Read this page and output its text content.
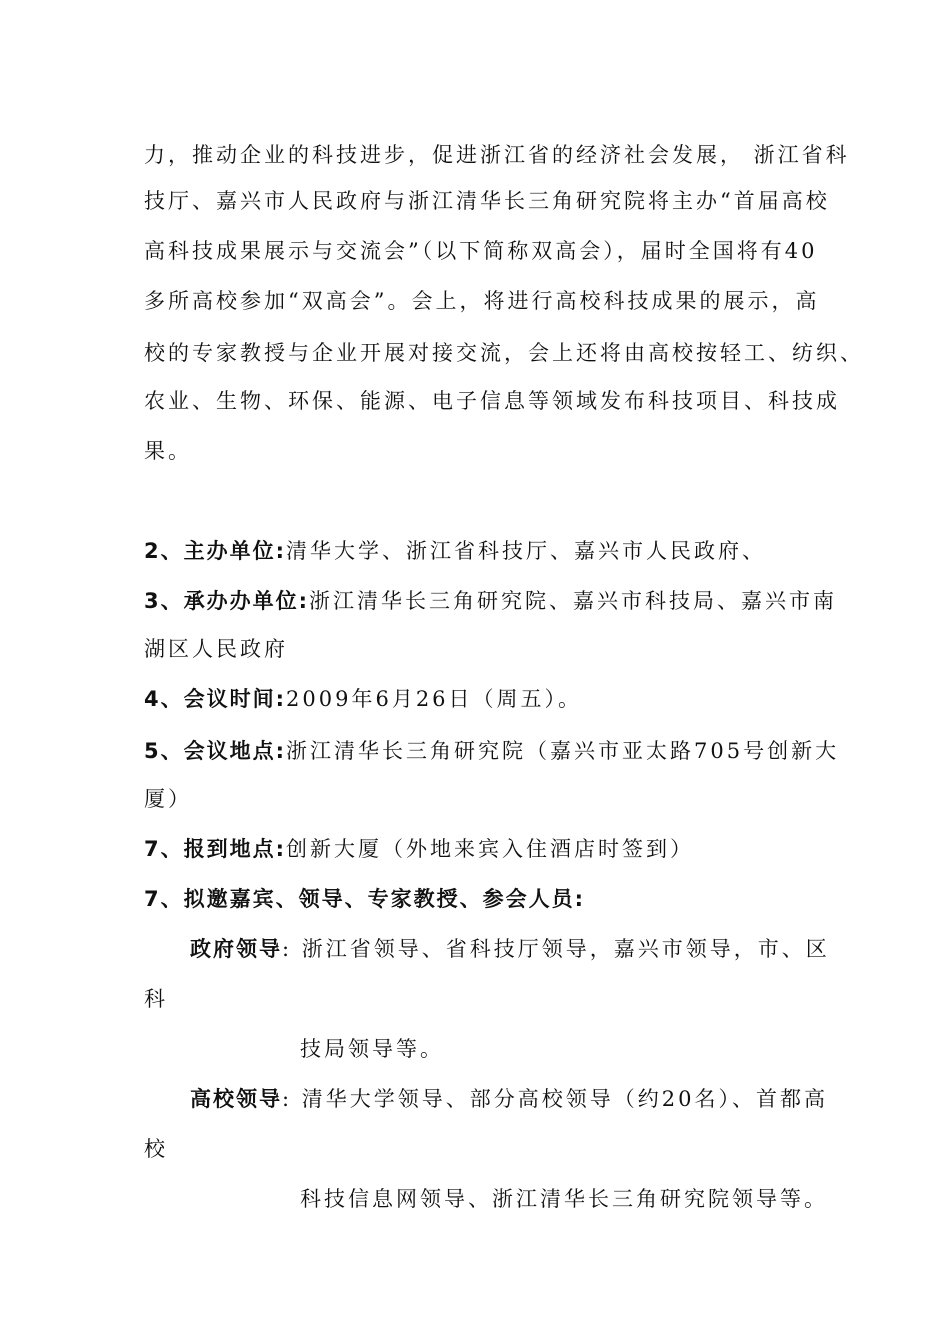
力，推动企业的科技进步，促进浙江省的经济社会发展， 浙江省科
技厅、嘉兴市人民政府与浙江清华长三角研究院将主办“首届高校
高科技成果展示与交流会”（以下简称双高会），届时全国将有40
多所高校参加“双高会”。会上，将进行高校科技成果的展示，高
校的专家教授与企业开展对接交流，会上还将由高校按轻工、纺织、
农业、生物、环保、能源、电子信息等领域发布科技项目、科技成
果。
2、主办单位:清华大学、浙江省科技厅、嘉兴市人民政府、
3、承办办单位:浙江清华长三角研究院、嘉兴市科技局、嘉兴市南
湖区人民政府
4、会议时间:2009年6月26日（周五）。
5、会议地点:浙江清华长三角研究院（嘉兴市亚太路705号创新大
厦）
7、报到地点:创新大厦（外地来宾入住酒店时签到）
7、拟邀嘉宾、领导、专家教授、参会人员:
政府领导: 浙江省领导、省科技厅领导，嘉兴市领导，市、区
科
技局领导等。
高校领导: 清华大学领导、部分高校领导（约20名）、首都高
校
科技信息网领导、浙江清华长三角研究院领导等。
